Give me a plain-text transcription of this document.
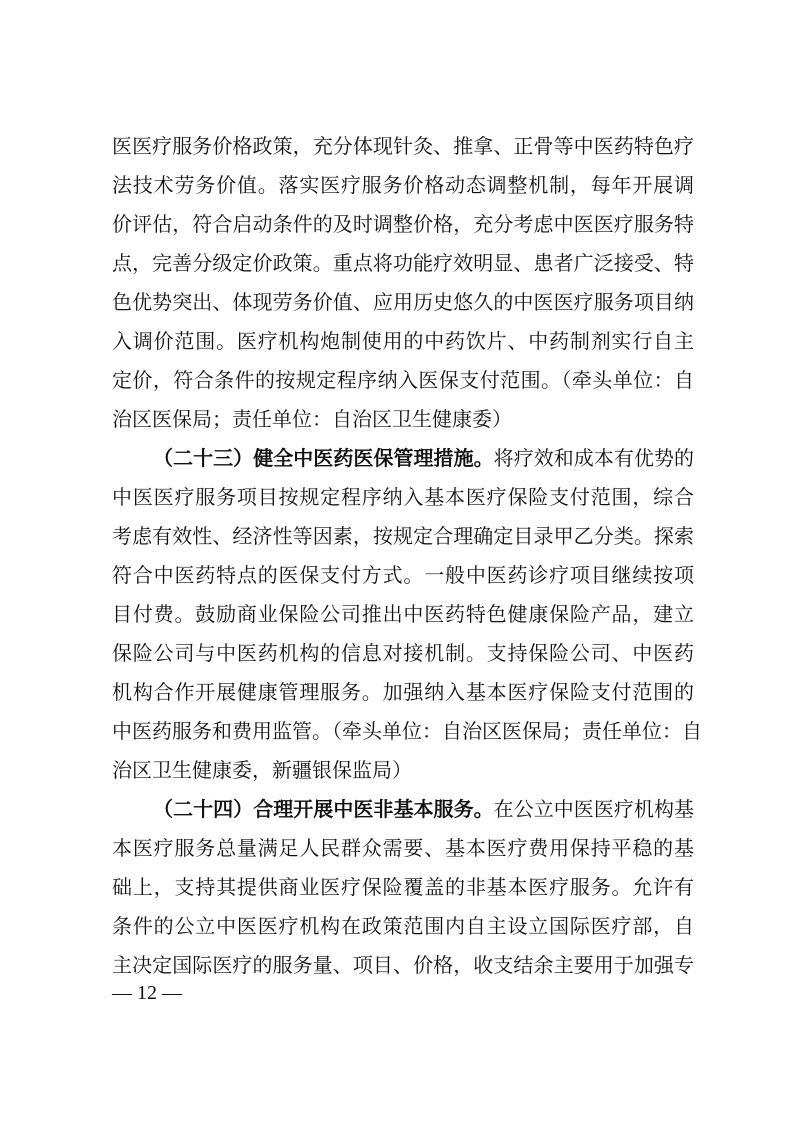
医医疗服务价格政策，充分体现针灸、推拿、正骨等中医药特色疗
法技术劳务价值。落实医疗服务价格动态调整机制，每年开展调
价评估，符合启动条件的及时调整价格，充分考虑中医医疗服务特
点，完善分级定价政策。重点将功能疗效明显、患者广泛接受、特
色优势突出、体现劳务价值、应用历史悠久的中医医疗服务项目纳
入调价范围。医疗机构炮制使用的中药饮片、中药制剂实行自主
定价，符合条件的按规定程序纳入医保支付范围。（牵头单位：自
治区医保局；责任单位：自治区卫生健康委）
（二十三）健全中医药医保管理措施。将疗效和成本有优势的
中医医疗服务项目按规定程序纳入基本医疗保险支付范围，综合
考虑有效性、经济性等因素，按规定合理确定目录甲乙分类。探索
符合中医药特点的医保支付方式。一般中医药诊疗项目继续按项
目付费。鼓励商业保险公司推出中医药特色健康保险产品，建立
保险公司与中医药机构的信息对接机制。支持保险公司、中医药
机构合作开展健康管理服务。加强纳入基本医疗保险支付范围的
中医药服务和费用监管。（牵头单位：自治区医保局；责任单位：自
治区卫生健康委，新疆银保监局）
（二十四）合理开展中医非基本服务。在公立中医医疗机构基
本医疗服务总量满足人民群众需要、基本医疗费用保持平稳的基
础上，支持其提供商业医疗保险覆盖的非基本医疗服务。允许有
条件的公立中医医疗机构在政策范围内自主设立国际医疗部，自
主决定国际医疗的服务量、项目、价格，收支结余主要用于加强专
— 12 —
